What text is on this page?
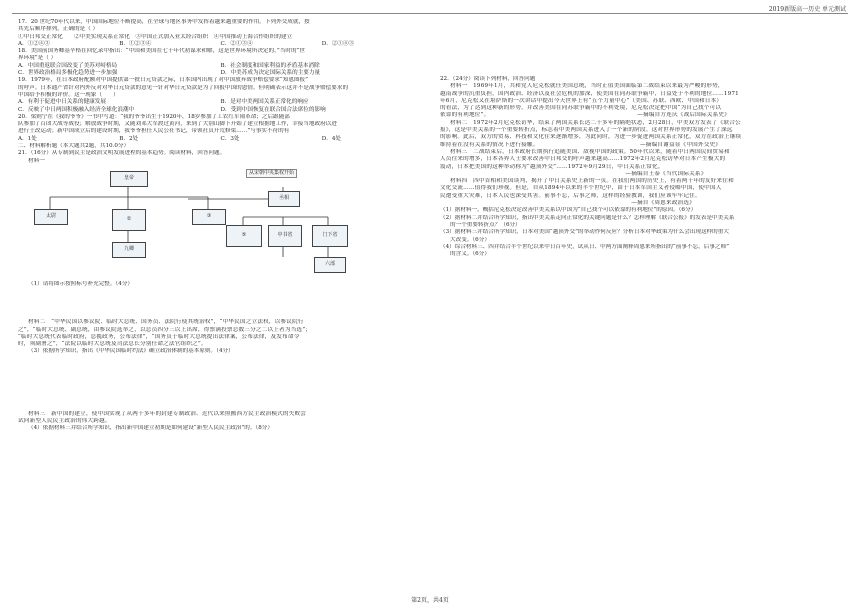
2019新版高一历史 单元测试
17．20 世纪70年代以来，中国国际地位不断提高，在全球与地区事务中发挥着越来越重要的作用。下列外交成就，按
其先后顺序排列，正确的是（ ）
①中日邦交正常化　　②中美实现关系正常化　③中国正式加入亚太经合组织　④中国推动上海合作组织的建立
A．①②④③	B．①②③④	C．②①③④	D．②①④③
18．美国前国务卿基辛格在回忆录中指出：“中国和美国在七十年代初谋求和解，这是世界环境所决定的。”当时的“世
界环境”是（ ）
A．中国重返联合国改变了美苏对峙格局	B．社会制度和国家利益的矛盾基本消除
C．世界政治格局多极化趋势进一步加强	D．中美苏成为决定国际关系的主要力量
19．1979年，在日本政府配额对中国提供第一批日元贷款之际，日本国内出现了对中国放弃战争赔偿要求“知恩图报”
的呼声。日本通产省针对内外反对对华日元贷款的意见一针对华日元贷款是为了回报中国的恩情。但明确表示这并不是战争赔偿要求的
中国给予积极的评价。这一现象（　　）
A．有利于促进中日关系的健康发展	B．是对中美两国关系正常化的响应
C．反映了中日两国积极融入经济全球化浪潮中	D．受到中国恢复在联合国合法席位的影响
20．梁则宁在《我的爷爷》一书中写道：“我的爷爷出生于1920年，18岁参加了工农红军闹革命；之后跟随部
队参加了百团大战等战役；解放战争时期，又随刘邓大军渡过黄河，来到了大别山脚下开始了建立根据地工作，幸接当地政府以进
进行土改运动；新中国成立后的建设时期，我爷爷担任人民公社书记，带领社员开荒修渠……”与事实不符的有
A．1处	B．2处	C．3处	D．4处
二、材料解析题（本大题共2题，共10.0分）
21．（16分）从专制到民主是政治文明发展进程的基本趋势。阅读材料，回答问题。
材料一
皇帝
太尉	①	③
九卿
从宋朝中央集权开始
丞相
⑤	中书省	门下省
六部
（1）请将图示按照标号补充完整。（4分）
材料二　“中华民国以参议院、临时大总统、国务员、法院行使其统治权”，“中华民国之立法权，以参议院行
之”，“临时大总统、副总统，由参议院选举之，以总员四分三以上出席，得票满投票总数三分之二以上者为当选”；
“临时大总统代表临时政府，总揽政务，公布法律”，“国务员于临时大总统提出法律案，公布法律，及发布命令
时，须副署之”，“法院以临时大总统及司法总长分别任命之法官组织之”。
（3）依据所学知识，指出《中华民国临时约法》确立政治体制的基本原则。（4分）
材料三　新中国的建立，使中国实现了从两千多年的封建专制政治、近代以来照搬西方民主政治模式的失败尝
试向新型人民民主政治的伟大跨越。
（4）依据材料三并结合所学知识，指出新中国建立初期是如何建设“新型人民民主政治”的。（8分）
22．（24分）阅读下列材料，回答问题
材料一　1969年1月，共和党人尼克松就任美国总统，当时正值美国面临第二战结束以来最为严峻的形势，
越南战争的沉重负担，国内政治、经济以及社会危机的加深，使美国在同苏联争霸中，日益处于不利的地位……1971
年6月，尼克松又在堪萨斯的一次讲话中提出今天世界上有“五个力量中心”（美国、苏联、西欧、中国和日本）
的看法，为了达到这种新的形势，并改善美国在同苏联争霸中的不利处境，尼克松决定把中国“为自己找个可以
依靠的有利地位”。　　　　　　　　　　　　　　　　　　　　　　　　　　—摘编自方连庆《战后国际关系史》
材料二　1972年2月尼克松访华，结束了两国关系长达二十多年的隔绝状态，2月28日，中美双方发表了《联合公
报》，这是中美关系的一个重要转折点，标志着中美两国关系进入了一个新的阶段。这对世界形势的发展产生了深远
的影响。此后，双方的贸易、科技和文化往来逐渐增多，为此同时，为进一步促进两国关系正常化，双方在政治上继续
维持着在没有关系的情况下进行接触。　　　　　　　　　　　　　　　　　　—摘编自谢益显《中国外交史》
材料三　二战结束后，日本政府长期执行追随美国、敌视中国的政策。50年代以来，随着中日两国民间贸易和
人员往来的增多，日本各界人士要求改善中日邦交的呼声越来越高……1972年2月尼克松访华对日本产生极大的
震动，日本把美国的这种举动称为“越顶外交”……1972年9月29日，中日关系正常化。
　　　　　　　　　　　　　　　　　　　　　　　　　　　　　　　　—摘编自王泰《当代国际关系》
材料四　四中首相和美国谈判，揭开了中日关系史上新的一页。在我们两国的历史上，有着两千年的友好来往和
文化交流……值得我们珍视。但是，自从1894年以来的半个世纪中，由于日本军国主义者侵略中国，使中国人
民遭受重大灾难，日本人民也深受其害。前事不忘，后事之师，这样的经验教训，我们应该牢牢记住。
　　　　　　　　　　　　　　　　　　　　　　　　　　　　　　　　　—摘自《周恩来政治选》
（1）据材料一，概括尼克松决定改善中美关系以中国为“自己找个可以依靠的有利地位”的原因。（6分）
（2）据材料二并结合所学知识，指出中美关系走向正常化的关键问题是什么？怎样理解《联合公报》的发表是中美关系
的一个重要转折点？（6分）
（3）据材料三并结合所学知识，日本对美国“越顶外交”的举动作何反应？分析日本对华政策为什么会出现这样的重大
大改变。（6分）
（4）综合材料三、四并结合半个世纪以来中日百年史，试从日、中两方面阐释周恩来所指出的“前事不忘，后事之师”
的含义。（6分）
第2页，共4页
